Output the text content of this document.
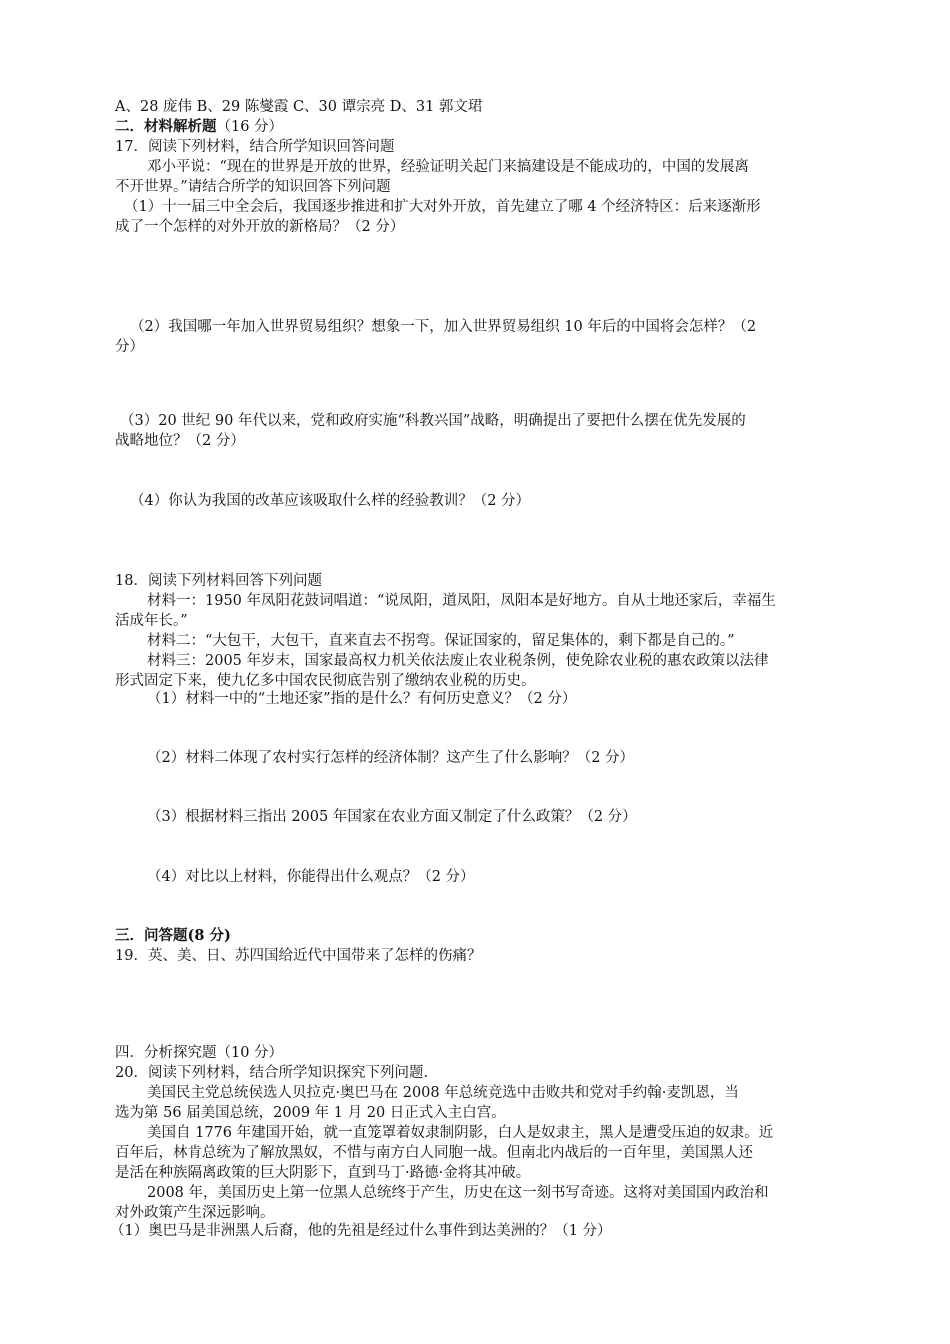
A、28 庞伟 B、29 陈燮霞 C、30 谭宗亮 D、31 郭文珺
二．材料解析题（16 分）
17．阅读下列材料，结合所学知识回答问题
邓小平说：“现在的世界是开放的世界，经验证明关起门来搞建设是不能成功的，中国的发展离
不开世界。”请结合所学的知识回答下列问题
（1）十一届三中全会后，我国逐步推进和扩大对外开放，首先建立了哪 4 个经济特区：后来逐渐形
成了一个怎样的对外开放的新格局？（2 分）
（2）我国哪一年加入世界贸易组织？想象一下，加入世界贸易组织 10 年后的中国将会怎样？（2
分）
（3）20 世纪 90 年代以来，党和政府实施“科教兴国”战略，明确提出了要把什么摆在优先发展的
战略地位？（2 分）
（4）你认为我国的改革应该吸取什么样的经验教训？（2 分）
18．阅读下列材料回答下列问题
材料一：1950 年凤阳花鼓词唱道：“说凤阳，道凤阳，凤阳本是好地方。自从土地还家后，幸福生
活成年长。”
材料二：“大包干，大包干，直来直去不拐弯。保证国家的，留足集体的，剩下都是自己的。”
材料三：2005 年岁末，国家最高权力机关依法废止农业税条例，使免除农业税的惠农政策以法律
形式固定下来，使九亿多中国农民彻底告别了缴纳农业税的历史。
（1）材料一中的“土地还家”指的是什么？有何历史意义？（2 分）
（2）材料二体现了农村实行怎样的经济体制？这产生了什么影响？（2 分）
（3）根据材料三指出 2005 年国家在农业方面又制定了什么政策？（2 分）
（4）对比以上材料，你能得出什么观点？（2 分）
三．问答题(8 分)
19．英、美、日、苏四国给近代中国带来了怎样的伤痛？
四．分析探究题（10 分）
20．阅读下列材料，结合所学知识探究下列问题.
美国民主党总统侯选人贝拉克·奥巴马在 2008 年总统竞选中击败共和党对手约翰·麦凯恩，当
选为第 56 届美国总统，2009 年 1 月 20 日正式入主白宫。
美国自 1776 年建国开始，就一直笼罩着奴隶制阴影，白人是奴隶主，黑人是遭受压迫的奴隶。近
百年后，林肯总统为了解放黑奴，不惜与南方白人同胞一战。但南北内战后的一百年里，美国黑人还
是活在种族隔离政策的巨大阴影下，直到马丁·路德·金将其冲破。
2008 年，美国历史上第一位黑人总统终于产生，历史在这一刻书写奇迹。这将对美国国内政治和
对外政策产生深远影响。
（1）奥巴马是非洲黑人后裔，他的先祖是经过什么事件到达美洲的？（1 分）
